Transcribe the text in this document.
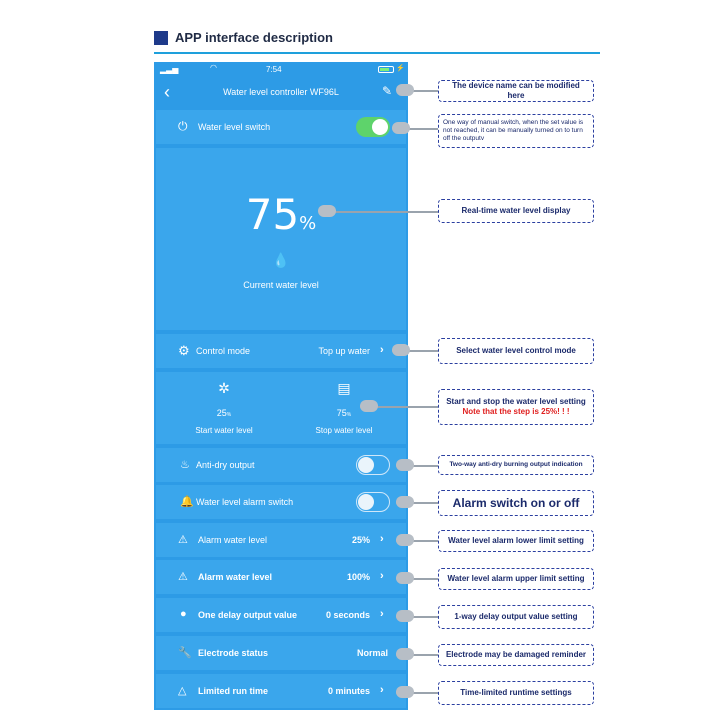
APP interface description
▂▃▅	◠	7:54	⚡
‹	Water level controller WF96L	✎
⏻ Water level switch
75%
💧
Current water level
⚙ Control mode	Top up water ›
✲
25%
Start water level
▤
75%
Stop water level
♨ Anti-dry output
🔔 Water level alarm switch
⚠ Alarm water level	25% ›
⚠ Alarm water level	100% ›
● One delay output value	0 seconds ›
🔧 Electrode status	Normal
△ Limited run time	0 minutes ›
The device name can be modified here
One way of manual switch, when the set value is not reached, it can be manually turned on to turn off the outputv
Real-time water level display
Select water level control mode
Start and stop the water level setting
Note that the step is 25%! ! !
Two-way anti-dry burning output indication
Alarm switch on or off
Water level alarm lower limit setting
Water level alarm upper limit setting
1-way delay output value setting
Electrode may be damaged reminder
Time-limited runtime settings
